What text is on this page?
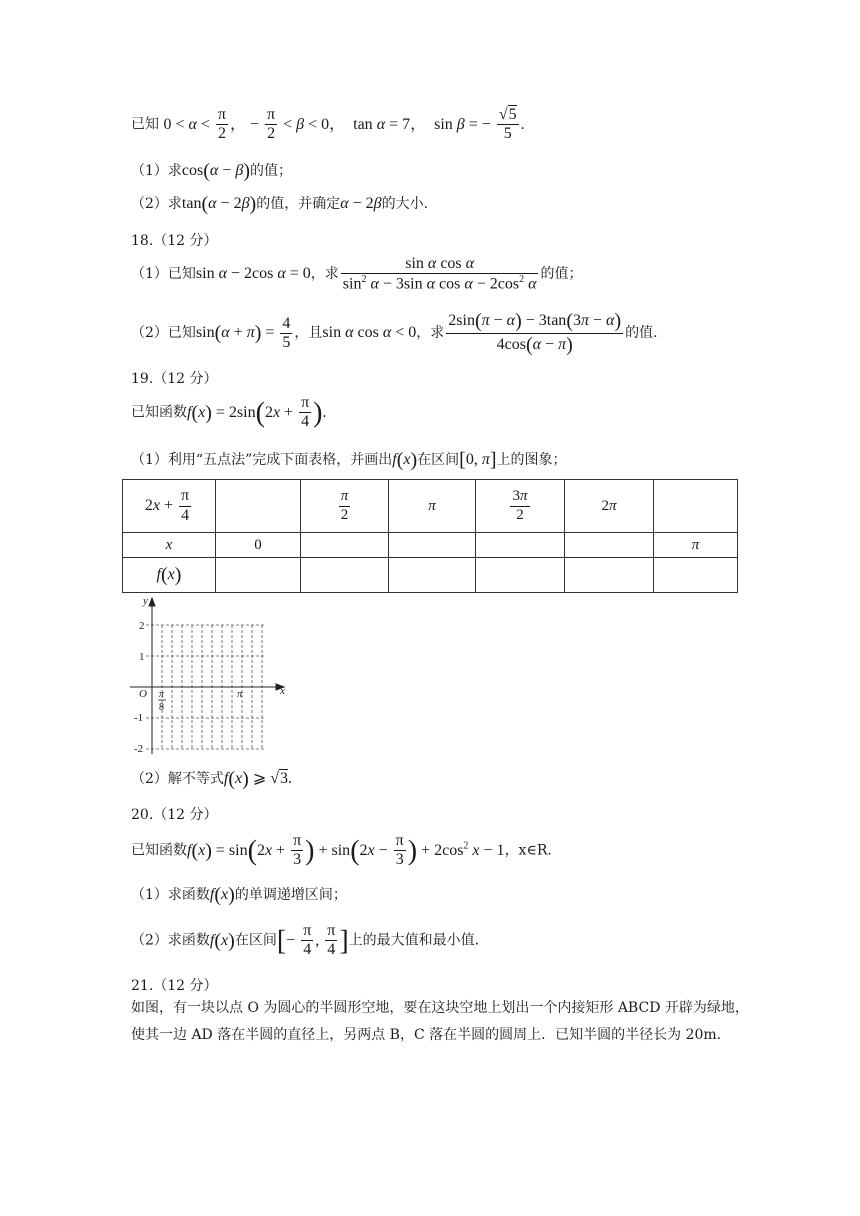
已知 $0 < \alpha < \frac{\pi}{2}$ ， − $\frac{\pi}{2} < \beta < 0$，  tan α = 7，  sin β = − $\frac{√5}{5}$ .
（1）求cos(α − β)的值；
（2）求tan(α − 2β)的值，并确定α − 2β的大小.
18.（12 分）
（1）已知sin α − 2cos α = 0，求 $\frac{\text{sin α cos α}}{\sin^2 \alpha - 3\sin \alpha \cos \alpha - 2\cos^2 \alpha}$ 的值；
（2）已知$\sin(\alpha + \pi) = \frac{4}{5}$ ，且sin α cos α < 0，求 $\frac{2\sin(\pi - \alpha) - 3\tan(3\pi - \alpha)}{4\cos(\alpha - \pi)}$ 的值.
19.（12 分）
已知函数$f(x) = 2\sin(2x + \frac{\pi}{4}$ ).
（1）利用“五点法”完成下面表格，并画出f(x)在区间[0, π]上的图象；
$2x + \frac{\pi}{4}$		$\frac{\pi}{2}$	π	$\frac{3\pi}{2}$	2π	
x	0					π
f(x)						
y
x
O
2
1
-1
-2
π
8
π
（2）解不等式f(x) ⩾ √3.
20.（12 分）
已知函数$f(x) = \sin(2x + \frac{\pi}{3}$ ) + $\sin(2x - \frac{\pi}{3}$ ) + $2\cos^2$ x − 1，x∈R.
（1）求函数f(x)的单调递增区间；
（2）求函数f(x)在区间[− $\frac{\pi}{4}$ , $\frac{\pi}{4}$ ]上的最大值和最小值.
21.（12 分）
如图，有一块以点 O 为圆心的半圆形空地，要在这块空地上划出一个内接矩形 ABCD 开辟为绿地，使其一边 AD 落在半圆的直径上，另两点 B，C 落在半圆的圆周上．已知半圆的半径长为 20m.
